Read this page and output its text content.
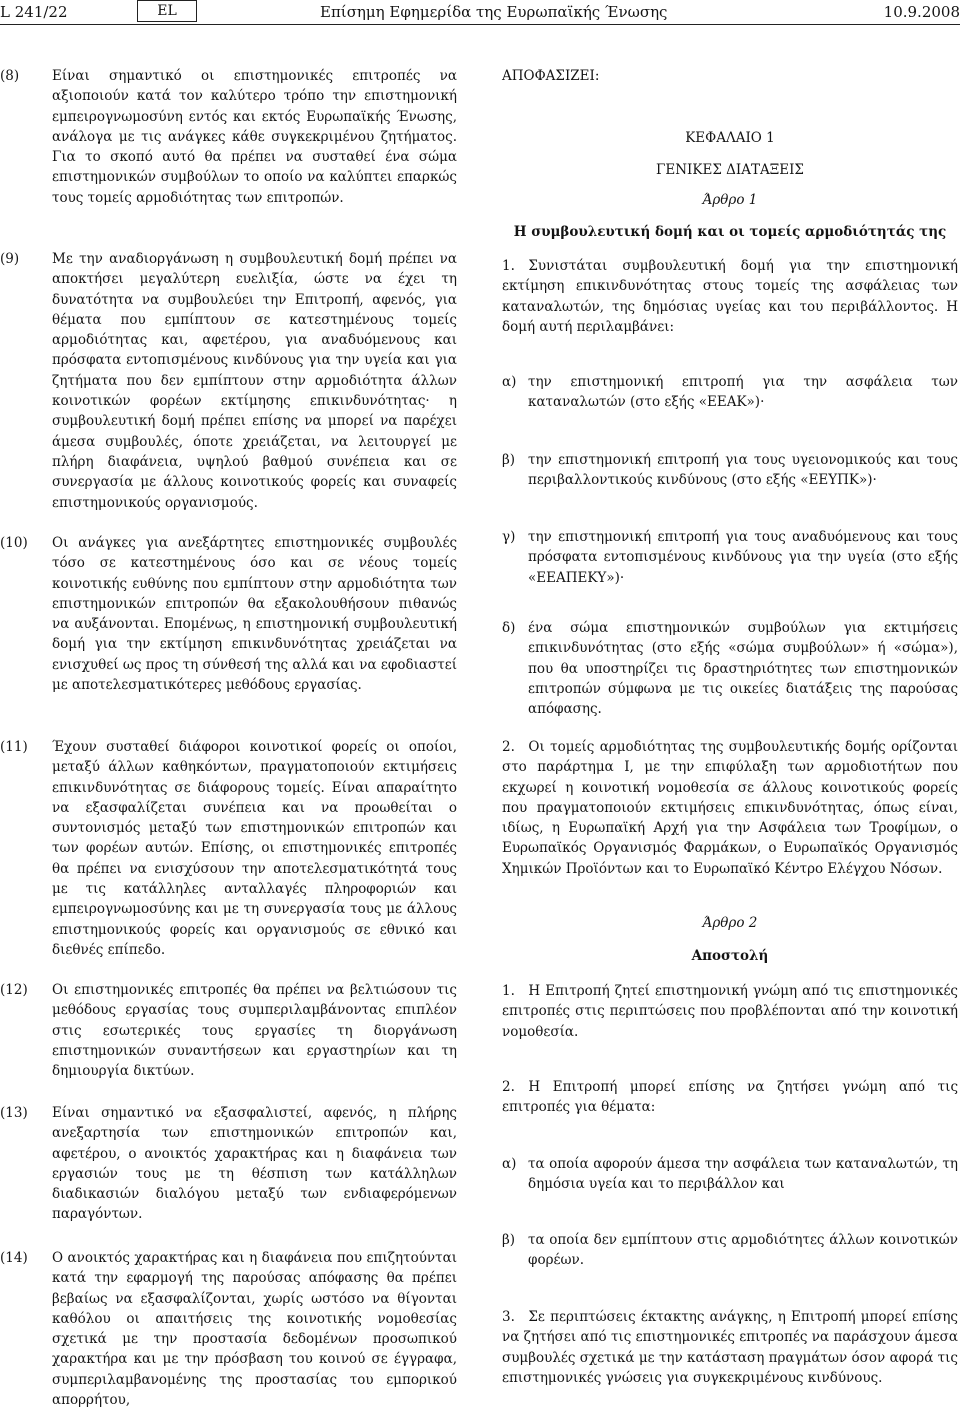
L 241/22	EL	Επίσημη Εφημερίδα της Ευρωπαϊκής Ένωσης	10.9.2008
(8) Είναι σημαντικό οι επιστημονικές επιτροπές να αξιοποιούν κατά τον καλύτερο τρόπο την επιστημονική εμπειρογνωμοσύνη εντός και εκτός Ευρωπαϊκής Ένωσης, ανάλογα με τις ανάγκες κάθε συγκεκριμένου ζητήματος. Για το σκοπό αυτό θα πρέπει να συσταθεί ένα σώμα επιστημονικών συμβούλων το οποίο να καλύπτει επαρκώς τους τομείς αρμοδιότητας των επιτροπών.
(9) Με την αναδιοργάνωση η συμβουλευτική δομή πρέπει να αποκτήσει μεγαλύτερη ευελιξία, ώστε να έχει τη δυνατότητα να συμβουλεύει την Επιτροπή, αφενός, για θέματα που εμπίπτουν σε κατεστημένους τομείς αρμοδιότητας και, αφετέρου, για αναδυόμενους και πρόσφατα εντοπισμένους κινδύνους για την υγεία και για ζητήματα που δεν εμπίπτουν στην αρμοδιότητα άλλων κοινοτικών φορέων εκτίμησης επικινδυνότητας· η συμβουλευτική δομή πρέπει επίσης να μπορεί να παρέχει άμεσα συμβουλές, όποτε χρειάζεται, να λειτουργεί με πλήρη διαφάνεια, υψηλού βαθμού συνέπεια και σε συνεργασία με άλλους κοινοτικούς φορείς και συναφείς επιστημονικούς οργανισμούς.
(10) Οι ανάγκες για ανεξάρτητες επιστημονικές συμβουλές τόσο σε κατεστημένους όσο και σε νέους τομείς κοινοτικής ευθύνης που εμπίπτουν στην αρμοδιότητα των επιστημονικών επιτροπών θα εξακολουθήσουν πιθανώς να αυξάνονται. Επομένως, η επιστημονική συμβουλευτική δομή για την εκτίμηση επικινδυνότητας χρειάζεται να ενισχυθεί ως προς τη σύνθεσή της αλλά και να εφοδιαστεί με αποτελεσματικότερες μεθόδους εργασίας.
(11) Έχουν συσταθεί διάφοροι κοινοτικοί φορείς οι οποίοι, μεταξύ άλλων καθηκόντων, πραγματοποιούν εκτιμήσεις επικινδυνότητας σε διάφορους τομείς. Είναι απαραίτητο να εξασφαλίζεται συνέπεια και να προωθείται ο συντονισμός μεταξύ των επιστημονικών επιτροπών και των φορέων αυτών. Επίσης, οι επιστημονικές επιτροπές θα πρέπει να ενισχύσουν την αποτελεσματικότητά τους με τις κατάλληλες ανταλλαγές πληροφοριών και εμπειρογνωμοσύνης και με τη συνεργασία τους με άλλους επιστημονικούς φορείς και οργανισμούς σε εθνικό και διεθνές επίπεδο.
(12) Οι επιστημονικές επιτροπές θα πρέπει να βελτιώσουν τις μεθόδους εργασίας τους συμπεριλαμβάνοντας επιπλέον στις εσωτερικές τους εργασίες τη διοργάνωση επιστημονικών συναντήσεων και εργαστηρίων και τη δημιουργία δικτύων.
(13) Είναι σημαντικό να εξασφαλιστεί, αφενός, η πλήρης ανεξαρτησία των επιστημονικών επιτροπών και, αφετέρου, ο ανοικτός χαρακτήρας και η διαφάνεια των εργασιών τους με τη θέσπιση των κατάλληλων διαδικασιών διαλόγου μεταξύ των ενδιαφερόμενων παραγόντων.
(14) Ο ανοικτός χαρακτήρας και η διαφάνεια που επιζητούνται κατά την εφαρμογή της παρούσας απόφασης θα πρέπει βεβαίως να εξασφαλίζονται, χωρίς ωστόσο να θίγονται καθόλου οι απαιτήσεις της κοινοτικής νομοθεσίας σχετικά με την προστασία δεδομένων προσωπικού χαρακτήρα και με την πρόσβαση του κοινού σε έγγραφα, συμπεριλαμβανομένης της προστασίας του εμπορικού απορρήτου,
ΑΠΟΦΑΣΙΖΕΙ:
ΚΕΦΑΛΑΙΟ 1
ΓΕΝΙΚΕΣ ΔΙΑΤΑΞΕΙΣ
Άρθρο 1
Η συμβουλευτική δομή και οι τομείς αρμοδιότητάς της
1. Συνιστάται συμβουλευτική δομή για την επιστημονική εκτίμηση επικινδυνότητας στους τομείς της ασφάλειας των καταναλωτών, της δημόσιας υγείας και του περιβάλλοντος. Η δομή αυτή περιλαμβάνει:
α) την επιστημονική επιτροπή για την ασφάλεια των καταναλωτών (στο εξής «ΕΕΑΚ»)·
β) την επιστημονική επιτροπή για τους υγειονομικούς και τους περιβαλλοντικούς κινδύνους (στο εξής «ΕΕΥΠΚ»)·
γ) την επιστημονική επιτροπή για τους αναδυόμενους και τους πρόσφατα εντοπισμένους κινδύνους για την υγεία (στο εξής «ΕΕΑΠΕΚΥ»)·
δ) ένα σώμα επιστημονικών συμβούλων για εκτιμήσεις επικινδυνότητας (στο εξής «σώμα συμβούλων» ή «σώμα»), που θα υποστηρίζει τις δραστηριότητες των επιστημονικών επιτροπών σύμφωνα με τις οικείες διατάξεις της παρούσας απόφασης.
2. Οι τομείς αρμοδιότητας της συμβουλευτικής δομής ορίζονται στο παράρτημα I, με την επιφύλαξη των αρμοδιοτήτων που εκχωρεί η κοινοτική νομοθεσία σε άλλους κοινοτικούς φορείς που πραγματοποιούν εκτιμήσεις επικινδυνότητας, όπως είναι, ιδίως, η Ευρωπαϊκή Αρχή για την Ασφάλεια των Τροφίμων, ο Ευρωπαϊκός Οργανισμός Φαρμάκων, ο Ευρωπαϊκός Οργανισμός Χημικών Προϊόντων και το Ευρωπαϊκό Κέντρο Ελέγχου Νόσων.
Άρθρο 2
Αποστολή
1. Η Επιτροπή ζητεί επιστημονική γνώμη από τις επιστημονικές επιτροπές στις περιπτώσεις που προβλέπονται από την κοινοτική νομοθεσία.
2. Η Επιτροπή μπορεί επίσης να ζητήσει γνώμη από τις επιτροπές για θέματα:
α) τα οποία αφορούν άμεσα την ασφάλεια των καταναλωτών, τη δημόσια υγεία και το περιβάλλον και
β) τα οποία δεν εμπίπτουν στις αρμοδιότητες άλλων κοινοτικών φορέων.
3. Σε περιπτώσεις έκτακτης ανάγκης, η Επιτροπή μπορεί επίσης να ζητήσει από τις επιστημονικές επιτροπές να παράσχουν άμεσα συμβουλές σχετικά με την κατάσταση πραγμάτων όσον αφορά τις επιστημονικές γνώσεις για συγκεκριμένους κινδύνους.
